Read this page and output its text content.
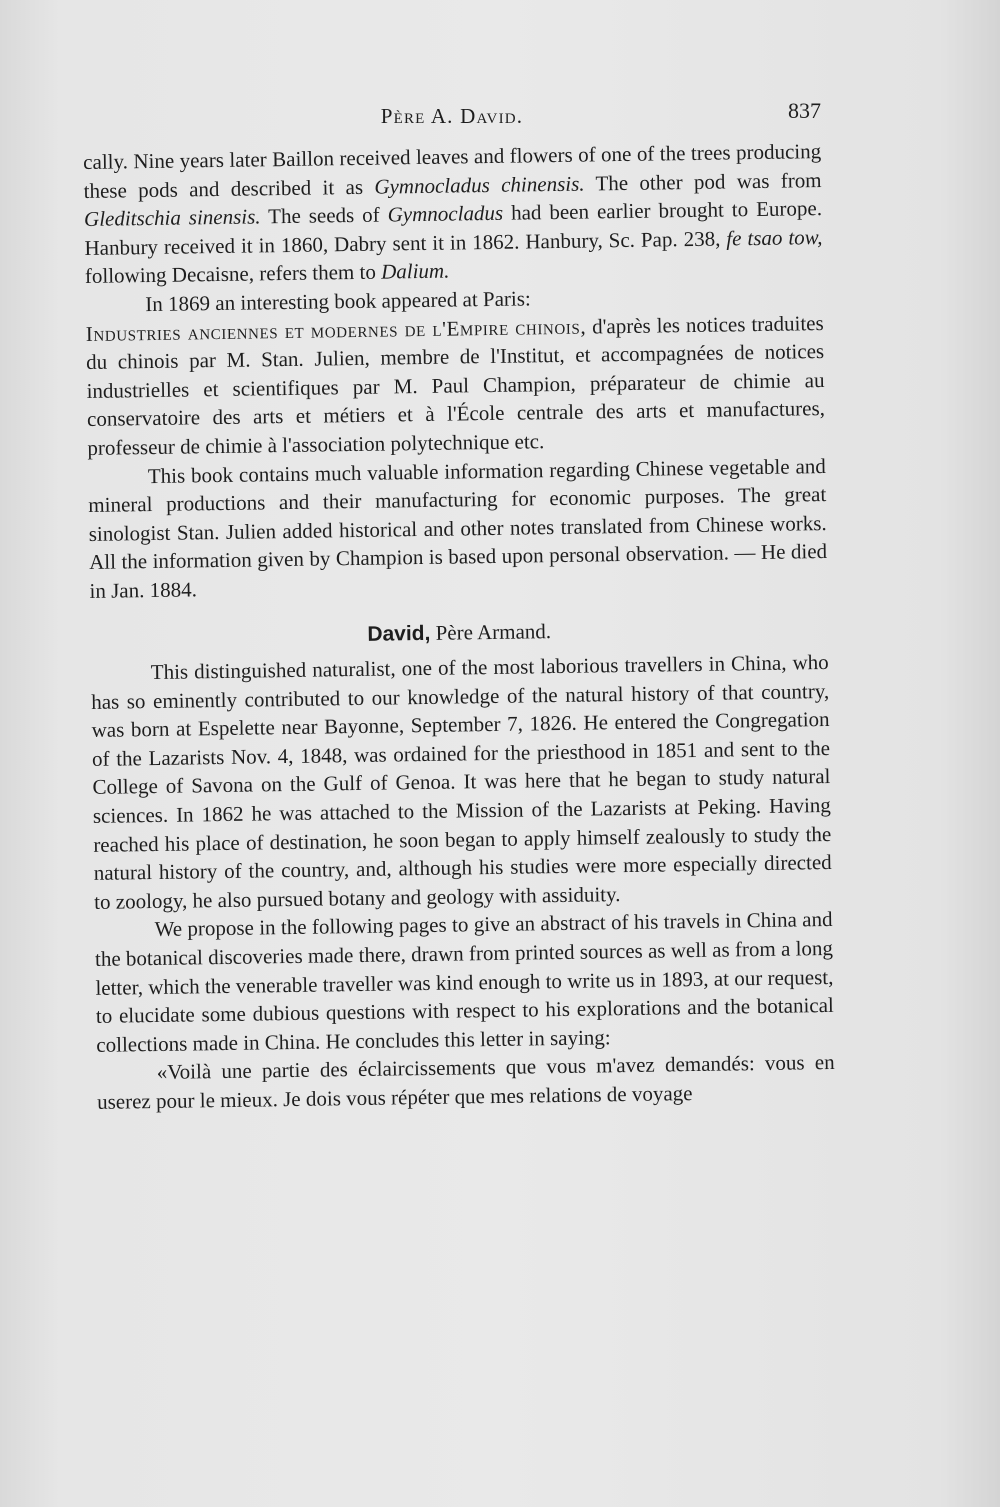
Père A. David.	837

cally. Nine years later Baillon received leaves and flowers of one of the trees producing these pods and described it as Gymnocladus chinensis. The other pod was from Gleditschia sinensis. The seeds of Gymnocladus had been earlier brought to Europe. Hanbury received it in 1860, Dabry sent it in 1862. Hanbury, Sc. Pap. 238, fe tsao tow, following Decaisne, refers them to Dalium.

In 1869 an interesting book appeared at Paris:

Industries anciennes et modernes de l'Empire chinois, d'après les notices traduites du chinois par M. Stan. Julien, membre de l'Institut, et accompagnées de notices industrielles et scientifiques par M. Paul Champion, préparateur de chimie au conservatoire des arts et métiers et à l'École centrale des arts et manufactures, professeur de chimie à l'association polytechnique etc.

This book contains much valuable information regarding Chinese vegetable and mineral productions and their manufacturing for economic purposes. The great sinologist Stan. Julien added historical and other notes translated from Chinese works. All the information given by Champion is based upon personal observation. — He died in Jan. 1884.

David, Père Armand.

This distinguished naturalist, one of the most laborious travellers in China, who has so eminently contributed to our knowledge of the natural history of that country, was born at Espelette near Bayonne, September 7, 1826. He entered the Congregation of the Lazarists Nov. 4, 1848, was ordained for the priesthood in 1851 and sent to the College of Savona on the Gulf of Genoa. It was here that he began to study natural sciences. In 1862 he was attached to the Mission of the Lazarists at Peking. Having reached his place of destination, he soon began to apply himself zealously to study the natural history of the country, and, although his studies were more especially directed to zoology, he also pursued botany and geology with assiduity.

We propose in the following pages to give an abstract of his travels in China and the botanical discoveries made there, drawn from printed sources as well as from a long letter, which the venerable traveller was kind enough to write us in 1893, at our request, to elucidate some dubious questions with respect to his explorations and the botanical collections made in China. He concludes this letter in saying:

«Voilà une partie des éclaircissements que vous m'avez demandés: vous en userez pour le mieux. Je dois vous répéter que mes relations de voyage
